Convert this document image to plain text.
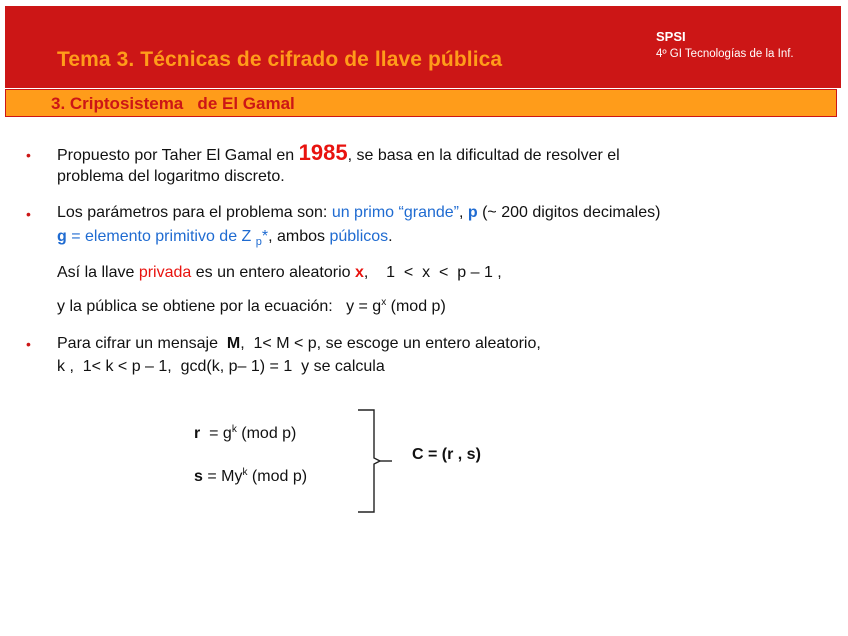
Tema 3. Técnicas de cifrado de llave pública
SPSI
4º GI Tecnologías de la Inf.
3. Criptosistema   de El Gamal
• Propuesto por Taher El Gamal en 1985, se basa en la dificultad de resolver el
problema del logaritmo discreto.
• Los parámetros para el problema son: un primo “grande”, p (~ 200 digitos decimales)
g = elemento primitivo de Z $_p$*, ambos públicos.
Así la llave privada es un entero aleatorio x,    1  <  x  <  p – 1 ,
y la pública se obtiene por la ecuación:   $y = g^x$ (mod p)
• Para cifrar un mensaje  M,  1< M < p, se escoge un entero aleatorio,
k ,  1< k < p – 1,  gcd(k, p– 1) = 1  y se calcula
$r = g^k$ (mod p)
$s = My^k$ (mod p)
C = (r , s)
